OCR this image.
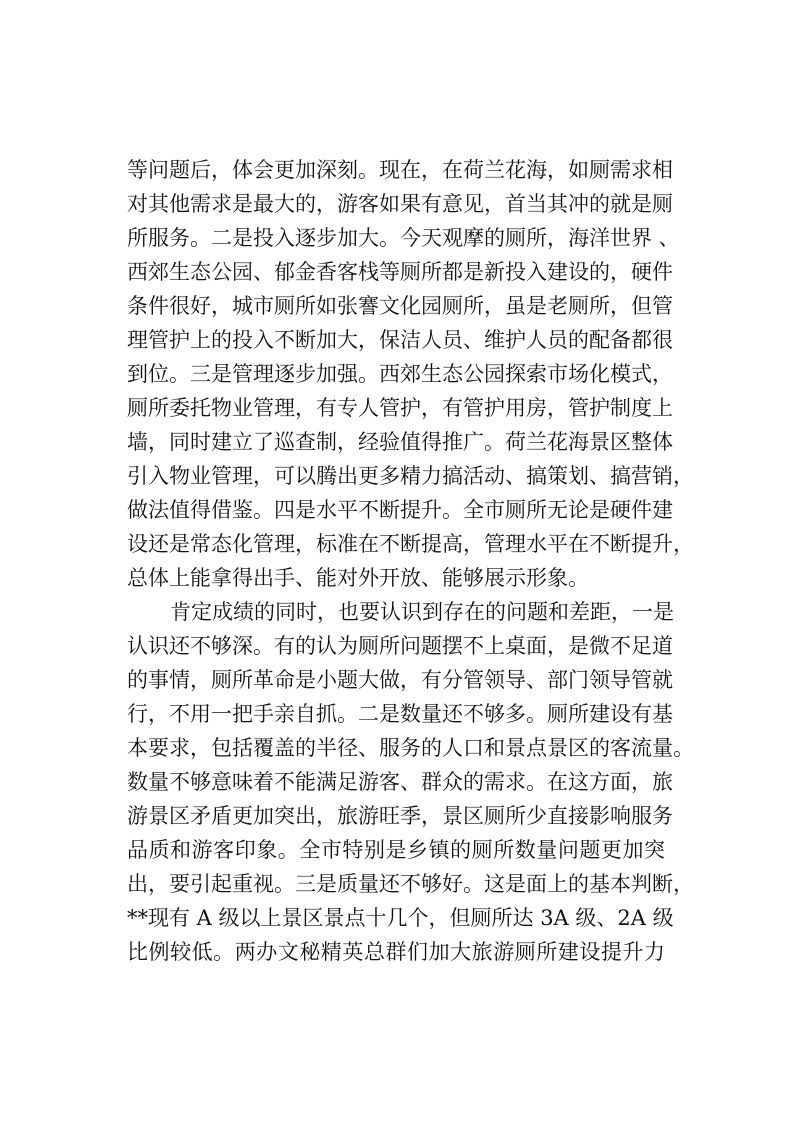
等问题后，体会更加深刻。现在，在荷兰花海，如厕需求相
对其他需求是最大的，游客如果有意见，首当其冲的就是厕
所服务。二是投入逐步加大。今天观摩的厕所，海洋世界 、
西郊生态公园、郁金香客栈等厕所都是新投入建设的，硬件
条件很好，城市厕所如张謇文化园厕所，虽是老厕所，但管
理管护上的投入不断加大，保洁人员、维护人员的配备都很
到位。三是管理逐步加强。西郊生态公园探索市场化模式，
厕所委托物业管理，有专人管护，有管护用房，管护制度上
墙，同时建立了巡查制，经验值得推广。荷兰花海景区整体
引入物业管理，可以腾出更多精力搞活动、搞策划、搞营销，
做法值得借鉴。四是水平不断提升。全市厕所无论是硬件建
设还是常态化管理，标准在不断提高，管理水平在不断提升，
总体上能拿得出手、能对外开放、能够展示形象。
肯定成绩的同时，也要认识到存在的问题和差距，一是
认识还不够深。有的认为厕所问题摆不上桌面，是微不足道
的事情，厕所革命是小题大做，有分管领导、部门领导管就
行，不用一把手亲自抓。二是数量还不够多。厕所建设有基
本要求，包括覆盖的半径、服务的人口和景点景区的客流量。
数量不够意味着不能满足游客、群众的需求。在这方面，旅
游景区矛盾更加突出，旅游旺季，景区厕所少直接影响服务
品质和游客印象。全市特别是乡镇的厕所数量问题更加突
出，要引起重视。三是质量还不够好。这是面上的基本判断，
**现有 A 级以上景区景点十几个，但厕所达 3A 级、2A 级
比例较低。两办文秘精英总群们加大旅游厕所建设提升力
